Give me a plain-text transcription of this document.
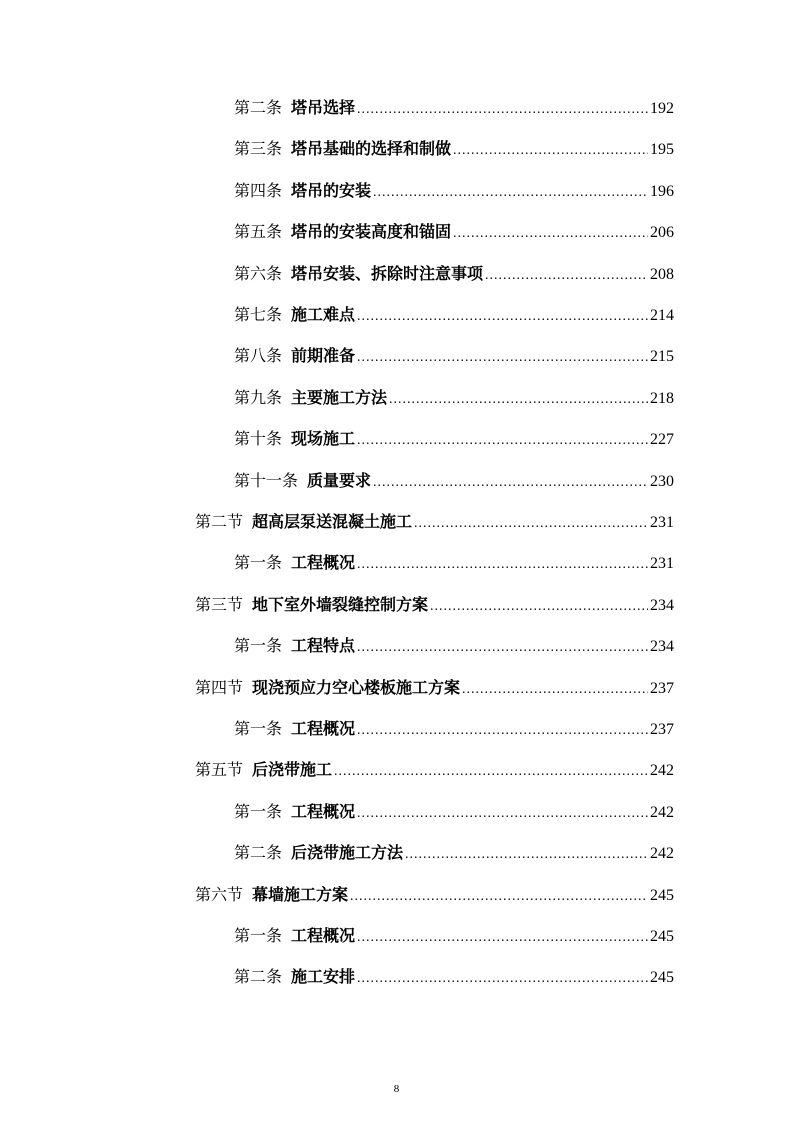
第二条 塔吊选择 .....	192
第三条 塔吊基础的选择和制做 .....	195
第四条 塔吊的安装 .....	196
第五条 塔吊的安装高度和锚固 .....	206
第六条 塔吊安装、拆除时注意事项 .....	208
第七条 施工难点 .....	214
第八条 前期准备 .....	215
第九条 主要施工方法 .....	218
第十条 现场施工 .....	227
第十一条 质量要求 .....	230
第二节 超高层泵送混凝土施工 .....	231
第一条 工程概况 .....	231
第三节 地下室外墙裂缝控制方案 .....	234
第一条 工程特点 .....	234
第四节 现浇预应力空心楼板施工方案 .....	237
第一条 工程概况 .....	237
第五节 后浇带施工 .....	242
第一条 工程概况 .....	242
第二条 后浇带施工方法 .....	242
第六节 幕墙施工方案 .....	245
第一条 工程概况 .....	245
第二条 施工安排 .....	245
8
